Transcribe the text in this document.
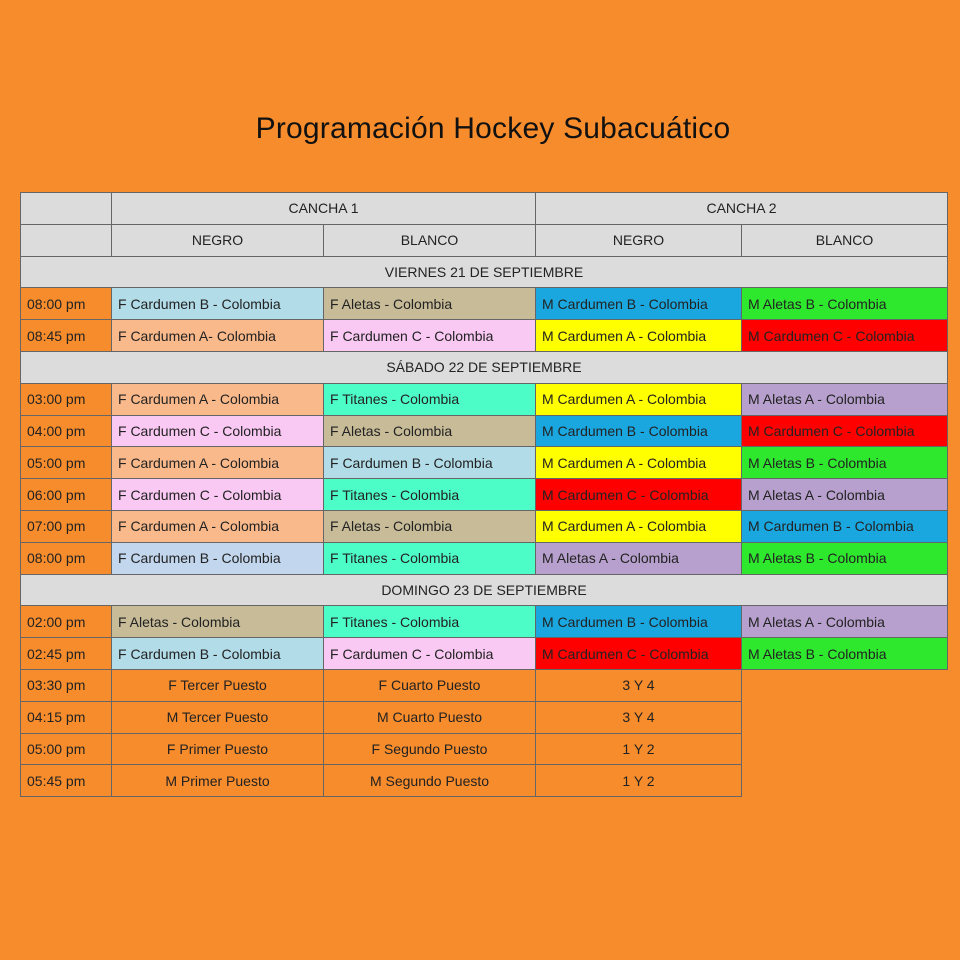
Programación Hockey Subacuático
	CANCHA 1		CANCHA 2	
	NEGRO	BLANCO	NEGRO	BLANCO
VIERNES 21 DE SEPTIEMBRE				
08:00 pm	F Cardumen B - Colombia	F Aletas - Colombia	M Cardumen B - Colombia	M Aletas B - Colombia
08:45 pm	F Cardumen A- Colombia	F Cardumen C - Colombia	M Cardumen A - Colombia	M Cardumen C - Colombia
SÁBADO 22 DE SEPTIEMBRE				
03:00 pm	F Cardumen A - Colombia	F Titanes - Colombia	M Cardumen A - Colombia	M Aletas A - Colombia
04:00 pm	F Cardumen C - Colombia	F Aletas - Colombia	M Cardumen B - Colombia	M Cardumen C - Colombia
05:00 pm	F Cardumen A - Colombia	F Cardumen B - Colombia	M Cardumen A - Colombia	M Aletas B - Colombia
06:00 pm	F Cardumen C - Colombia	F Titanes - Colombia	M Cardumen C - Colombia	M Aletas A - Colombia
07:00 pm	F Cardumen A - Colombia	F Aletas - Colombia	M Cardumen A - Colombia	M Cardumen B - Colombia
08:00 pm	F Cardumen B - Colombia	F Titanes - Colombia	M Aletas A - Colombia	M Aletas B - Colombia
DOMINGO 23 DE SEPTIEMBRE				
02:00 pm	F Aletas - Colombia	F Titanes - Colombia	M Cardumen B - Colombia	M Aletas A - Colombia
02:45 pm	F Cardumen B - Colombia	F Cardumen C - Colombia	M Cardumen C - Colombia	M Aletas B - Colombia
03:30 pm	F Tercer Puesto	F Cuarto Puesto	3 Y 4	
04:15 pm	M Tercer Puesto	M Cuarto Puesto	3 Y 4	
05:00 pm	F Primer Puesto	F Segundo Puesto	1 Y 2	
05:45 pm	M Primer Puesto	M Segundo Puesto	1 Y 2	
